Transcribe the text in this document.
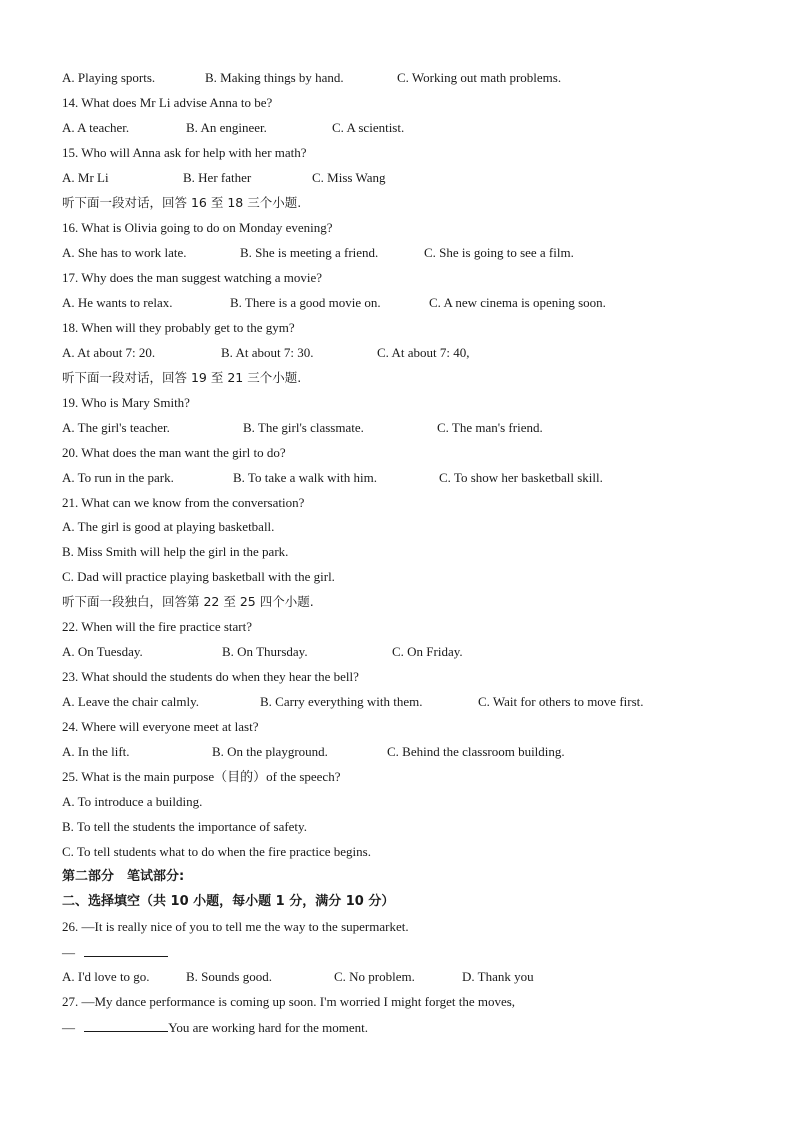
A. Playing sports.	B. Making things by hand.	C. Working out math problems.
14. What does Mr Li advise Anna to be?
A. A teacher.	B. An engineer.	C. A scientist.
15. Who will Anna ask for help with her math?
A. Mr Li	B. Her father	C. Miss Wang
听下面一段对话，回答 16 至 18 三个小题.
16. What is Olivia going to do on Monday evening?
A. She has to work late.	B. She is meeting a friend.	C. She is going to see a film.
17. Why does the man suggest watching a movie?
A. He wants to relax.	B. There is a good movie on.	C. A new cinema is opening soon.
18. When will they probably get to the gym?
A. At about 7: 20.	B. At about 7: 30.	C. At about 7: 40,
听下面一段对话，回答 19 至 21 三个小题.
19. Who is Mary Smith?
A. The girl's teacher.	B. The girl's classmate.	C. The man's friend.
20. What does the man want the girl to do?
A. To run in the park.	B. To take a walk with him.	C. To show her basketball skill.
21. What can we know from the conversation?
A. The girl is good at playing basketball.
B. Miss Smith will help the girl in the park.
C. Dad will practice playing basketball with the girl.
听下面一段独白，回答第 22 至 25 四个小题.
22. When will the fire practice start?
A. On Tuesday.	B. On Thursday.	C. On Friday.
23. What should the students do when they hear the bell?
A. Leave the chair calmly.	B. Carry everything with them.	C. Wait for others to move first.
24. Where will everyone meet at last?
A. In the lift.	B. On the playground.	C. Behind the classroom building.
25. What is the main purpose（目的）of the speech?
A. To introduce a building.
B. To tell the students the importance of safety.
C. To tell students what to do when the fire practice begins.
第二部分　笔试部分:
二、选择填空（共 10 小题，每小题 1 分，满分 10 分）
26. —It is really nice of you to tell me the way to the supermarket.
—
A. I'd love to go.	B. Sounds good.	C. No problem.	D. Thank you
27. —My dance performance is coming up soon. I'm worried I might forget the moves,
—	You are working hard for the moment.
